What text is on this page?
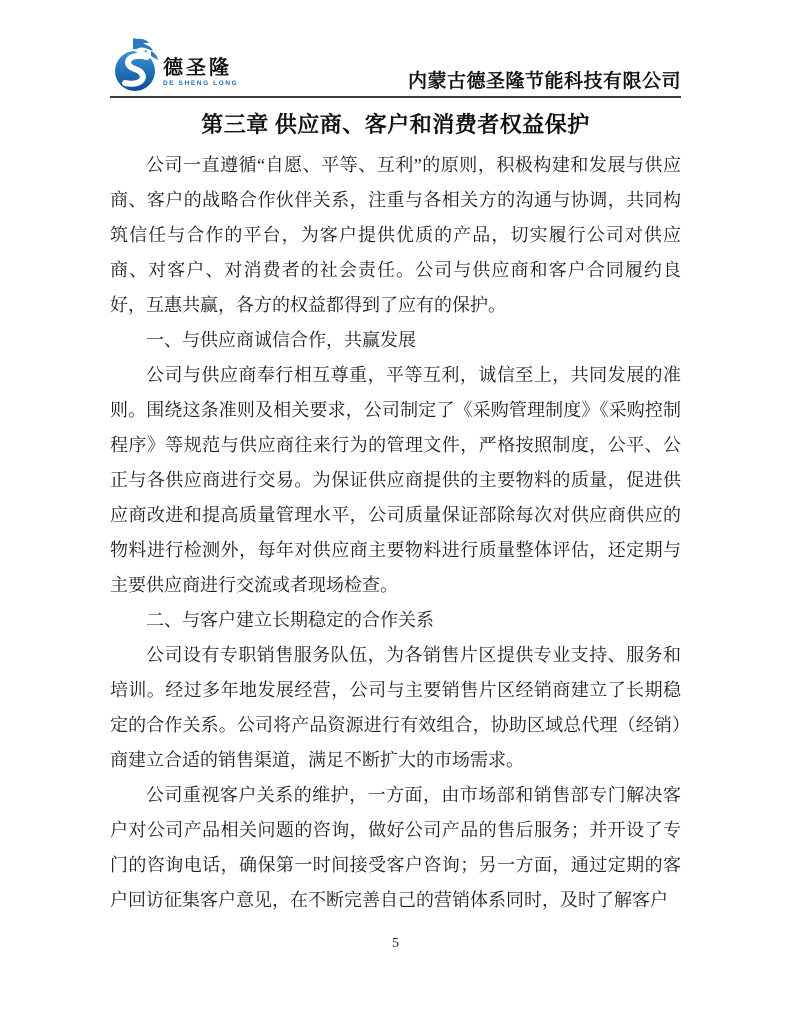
德圣隆
DE SHENG LONG	内蒙古德圣隆节能科技有限公司
第三章 供应商、客户和消费者权益保护

公司一直遵循“自愿、平等、互利”的原则，积极构建和发展与供应商、客户的战略合作伙伴关系，注重与各相关方的沟通与协调，共同构筑信任与合作的平台，为客户提供优质的产品，切实履行公司对供应商、对客户、对消费者的社会责任。公司与供应商和客户合同履约良好，互惠共赢，各方的权益都得到了应有的保护。

一、与供应商诚信合作，共赢发展

公司与供应商奉行相互尊重，平等互利，诚信至上，共同发展的准则。围绕这条准则及相关要求，公司制定了《采购管理制度》《采购控制程序》等规范与供应商往来行为的管理文件，严格按照制度，公平、公正与各供应商进行交易。为保证供应商提供的主要物料的质量，促进供应商改进和提高质量管理水平，公司质量保证部除每次对供应商供应的物料进行检测外，每年对供应商主要物料进行质量整体评估，还定期与主要供应商进行交流或者现场检查。

二、与客户建立长期稳定的合作关系

公司设有专职销售服务队伍，为各销售片区提供专业支持、服务和培训。经过多年地发展经营，公司与主要销售片区经销商建立了长期稳定的合作关系。公司将产品资源进行有效组合，协助区域总代理（经销）商建立合适的销售渠道，满足不断扩大的市场需求。

公司重视客户关系的维护，一方面，由市场部和销售部专门解决客户对公司产品相关问题的咨询，做好公司产品的售后服务；并开设了专门的咨询电话，确保第一时间接受客户咨询；另一方面，通过定期的客户回访征集客户意见，在不断完善自己的营销体系同时，及时了解客户

5
